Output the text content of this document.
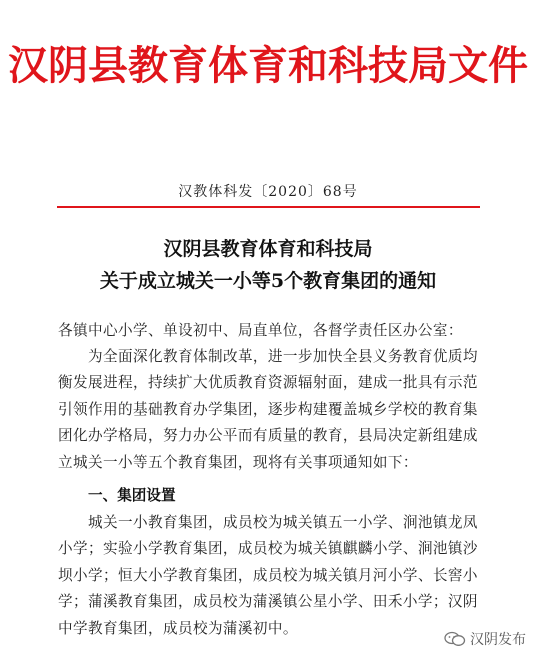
汉阴县教育体育和科技局文件
汉教体科发〔2020〕68号
汉阴县教育体育和科技局
关于成立城关一小等5个教育集团的通知
各镇中心小学、单设初中、局直单位，各督学责任区办公室：
为全面深化教育体制改革，进一步加快全县义务教育优质均衡发展进程，持续扩大优质教育资源辐射面，建成一批具有示范引领作用的基础教育办学集团，逐步构建覆盖城乡学校的教育集团化办学格局，努力办公平而有质量的教育，县局决定新组建成立城关一小等五个教育集团，现将有关事项通知如下：
一、集团设置
城关一小教育集团，成员校为城关镇五一小学、涧池镇龙凤小学；实验小学教育集团，成员校为城关镇麒麟小学、涧池镇沙坝小学；恒大小学教育集团，成员校为城关镇月河小学、长窖小学；蒲溪教育集团，成员校为蒲溪镇公星小学、田禾小学；汉阴中学教育集团，成员校为蒲溪初中。
汉阴发布
